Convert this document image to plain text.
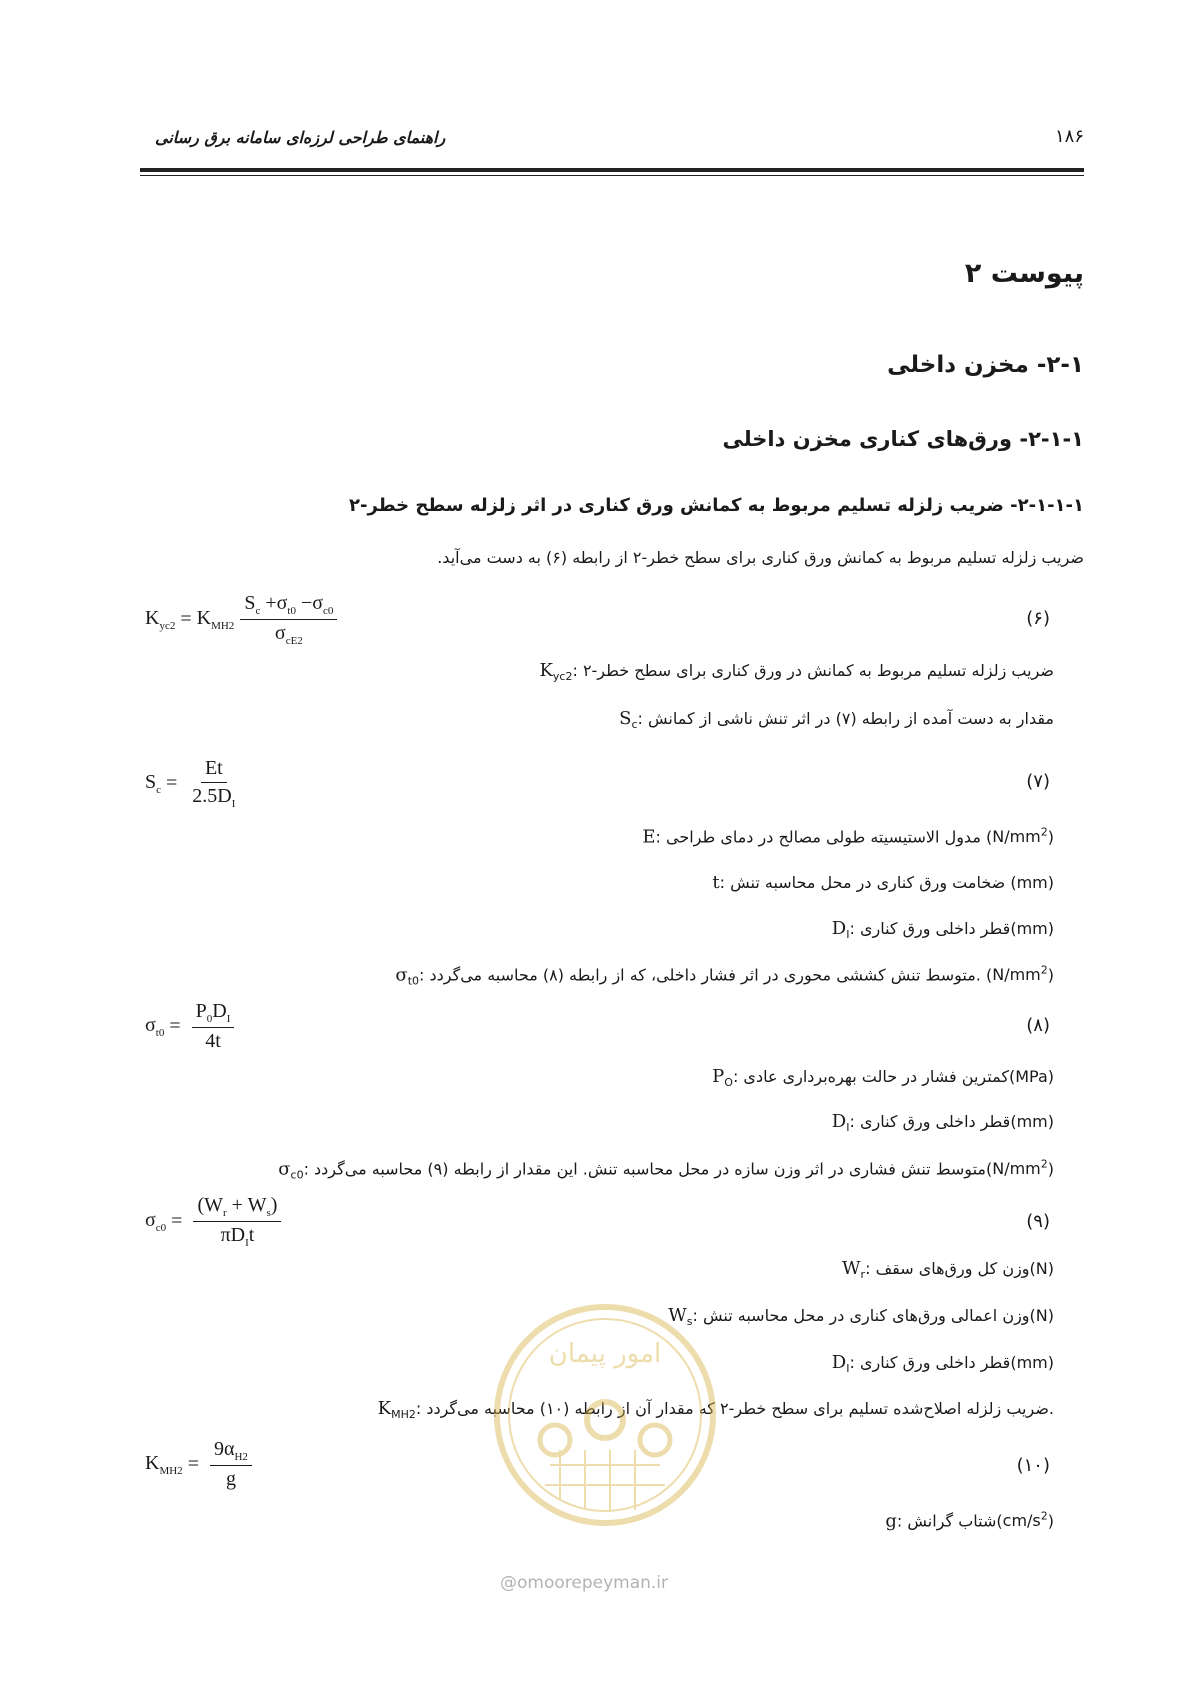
راهنمای طراحی لرزه‌ای سامانه برق رسانی	۱۸۶
پیوست ۲
۲-۱- مخزن داخلی
۲-۱-۱- ورق‌های کناری مخزن داخلی
۲-۱-۱-۱- ضریب زلزله تسلیم مربوط به کمانش ورق کناری در اثر زلزله سطح خطر-۲
ضریب زلزله تسلیم مربوط به کمانش ورق کناری برای سطح خطر-۲ از رابطه (۶) به دست می‌آید.
$K_{yc2} = K_{MH2} \frac{S_c +\sigma_{t0} -\sigma_{c0}}{\sigma_{cE2}}$	(۶)
$K_{yc2}$: ضریب زلزله تسلیم مربوط به کمانش در ورق کناری برای سطح خطر-۲
$S_c$: مقدار به دست آمده از رابطه (۷) در اثر تنش ناشی از کمانش
$S_c = \frac{Et}{2.5D_I}$	(۷)
E: مدول الاستیسیته طولی مصالح در دمای طراحی $(N/mm^2)$
t: ضخامت ورق کناری در محل محاسبه تنش (mm)
$D_I$: قطر داخلی ورق کناری(mm)
$\sigma_{t0}$: متوسط تنش کششی محوری در اثر فشار داخلی، که از رابطه (۸) محاسبه می‌گردد. $(N/mm^2)$
$\sigma_{t0} = \frac{P_0D_I}{4t}$	(۸)
$P_O$: کمترین فشار در حالت بهره‌برداری عادی(MPa)
$D_I$: قطر داخلی ورق کناری(mm)
$\sigma_{c0}$: متوسط تنش فشاری در اثر وزن سازه در محل محاسبه تنش. این مقدار از رابطه (۹) محاسبه $می‌گردد(N/mm^2)$
$\sigma_{c0} = \frac{(W_r + W_s)}{\pi D_It}$	(۹)
$W_r$: وزن کل ورق‌های سقف(N)
$W_s$: وزن اعمالی ورق‌های کناری در محل محاسبه تنش(N)
$D_I$: قطر داخلی ورق کناری(mm)
$K_{MH2}$: ضریب زلزله اصلاح‌شده تسلیم برای سطح خطر-۲ که مقدار آن از رابطه (۱۰) محاسبه می‌گردد.
$K_{MH2} = \frac{9\alpha_{H2}}{g}$	(۱۰)
g: شتاب $گرانش(cm/s^2)$
امور پیمان
@omoorepeyman.ir
